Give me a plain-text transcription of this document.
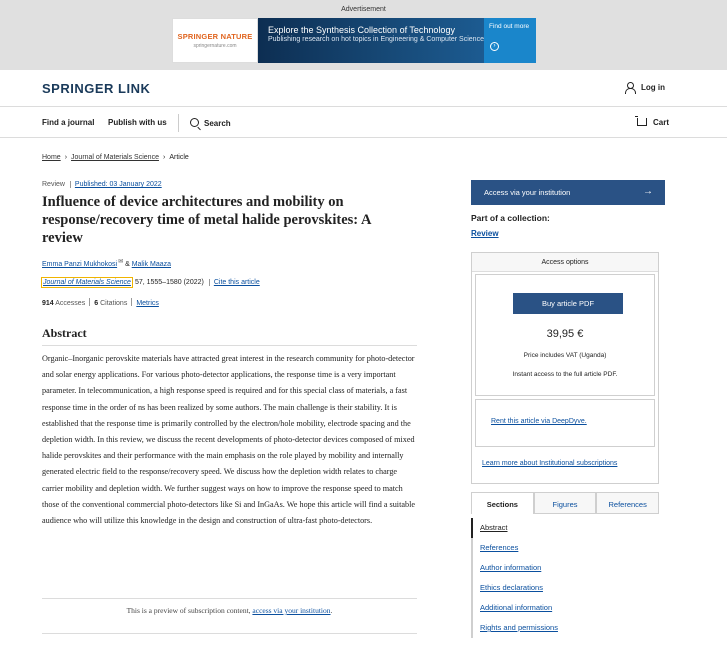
Advertisement
SPRINGER NATURE
springernature.com
Explore the Synthesis Collection of Technology
Publishing research on hot topics in Engineering & Computer Science
Find out more
›
SPRINGER LINK	Log in
Find a journal Publish with us	Search	Cart
Home › Journal of Materials Science › Article
Review Published: 03 January 2022
Influence of device architectures and mobility on response/recovery time of metal halide perovskites: A review
Emma Panzi Mukhokosi✉ & Malik Maaza
Journal of Materials Science 57, 1555–1580 (2022)	Cite this article
914 Accesses 6 Citations Metrics
Abstract

Organic–Inorganic perovskite materials have attracted great interest in the research community for photo-detector and solar energy applications. For various photo-detector applications, the response time is a very important parameter. In telecommunication, a high response speed is required and for this special class of materials, a fast response time in the order of ns has been realized by some authors. The main challenge is their stability. It is established that the response time is primarily controlled by the electron/hole mobility, electrode spacing and the depletion width. In this review, we discuss the recent developments of photo-detector devices composed of mixed halide perovskites and their performance with the main emphasis on the role played by mobility and internally generated electric field to the response/recovery speed. We discuss how the depletion width relates to charge carrier mobility and depletion width. We further suggest ways on how to improve the response speed to match those of the conventional commercial photo-detectors like Si and InGaAs. We hope this article will find a suitable audience who will utilize this knowledge in the design and construction of ultra-fast photo-detectors.

This is a preview of subscription content, access via your institution.
Access via your institution	→
Part of a collection:
Review
Access options
Buy article PDF
39,95 €
Price includes VAT (Uganda)
Instant access to the full article PDF.
Rent this article via DeepDyve.
Learn more about Institutional subscriptions
Sections	Figures	References
Abstract
References
Author information
Ethics declarations
Additional information
Rights and permissions
